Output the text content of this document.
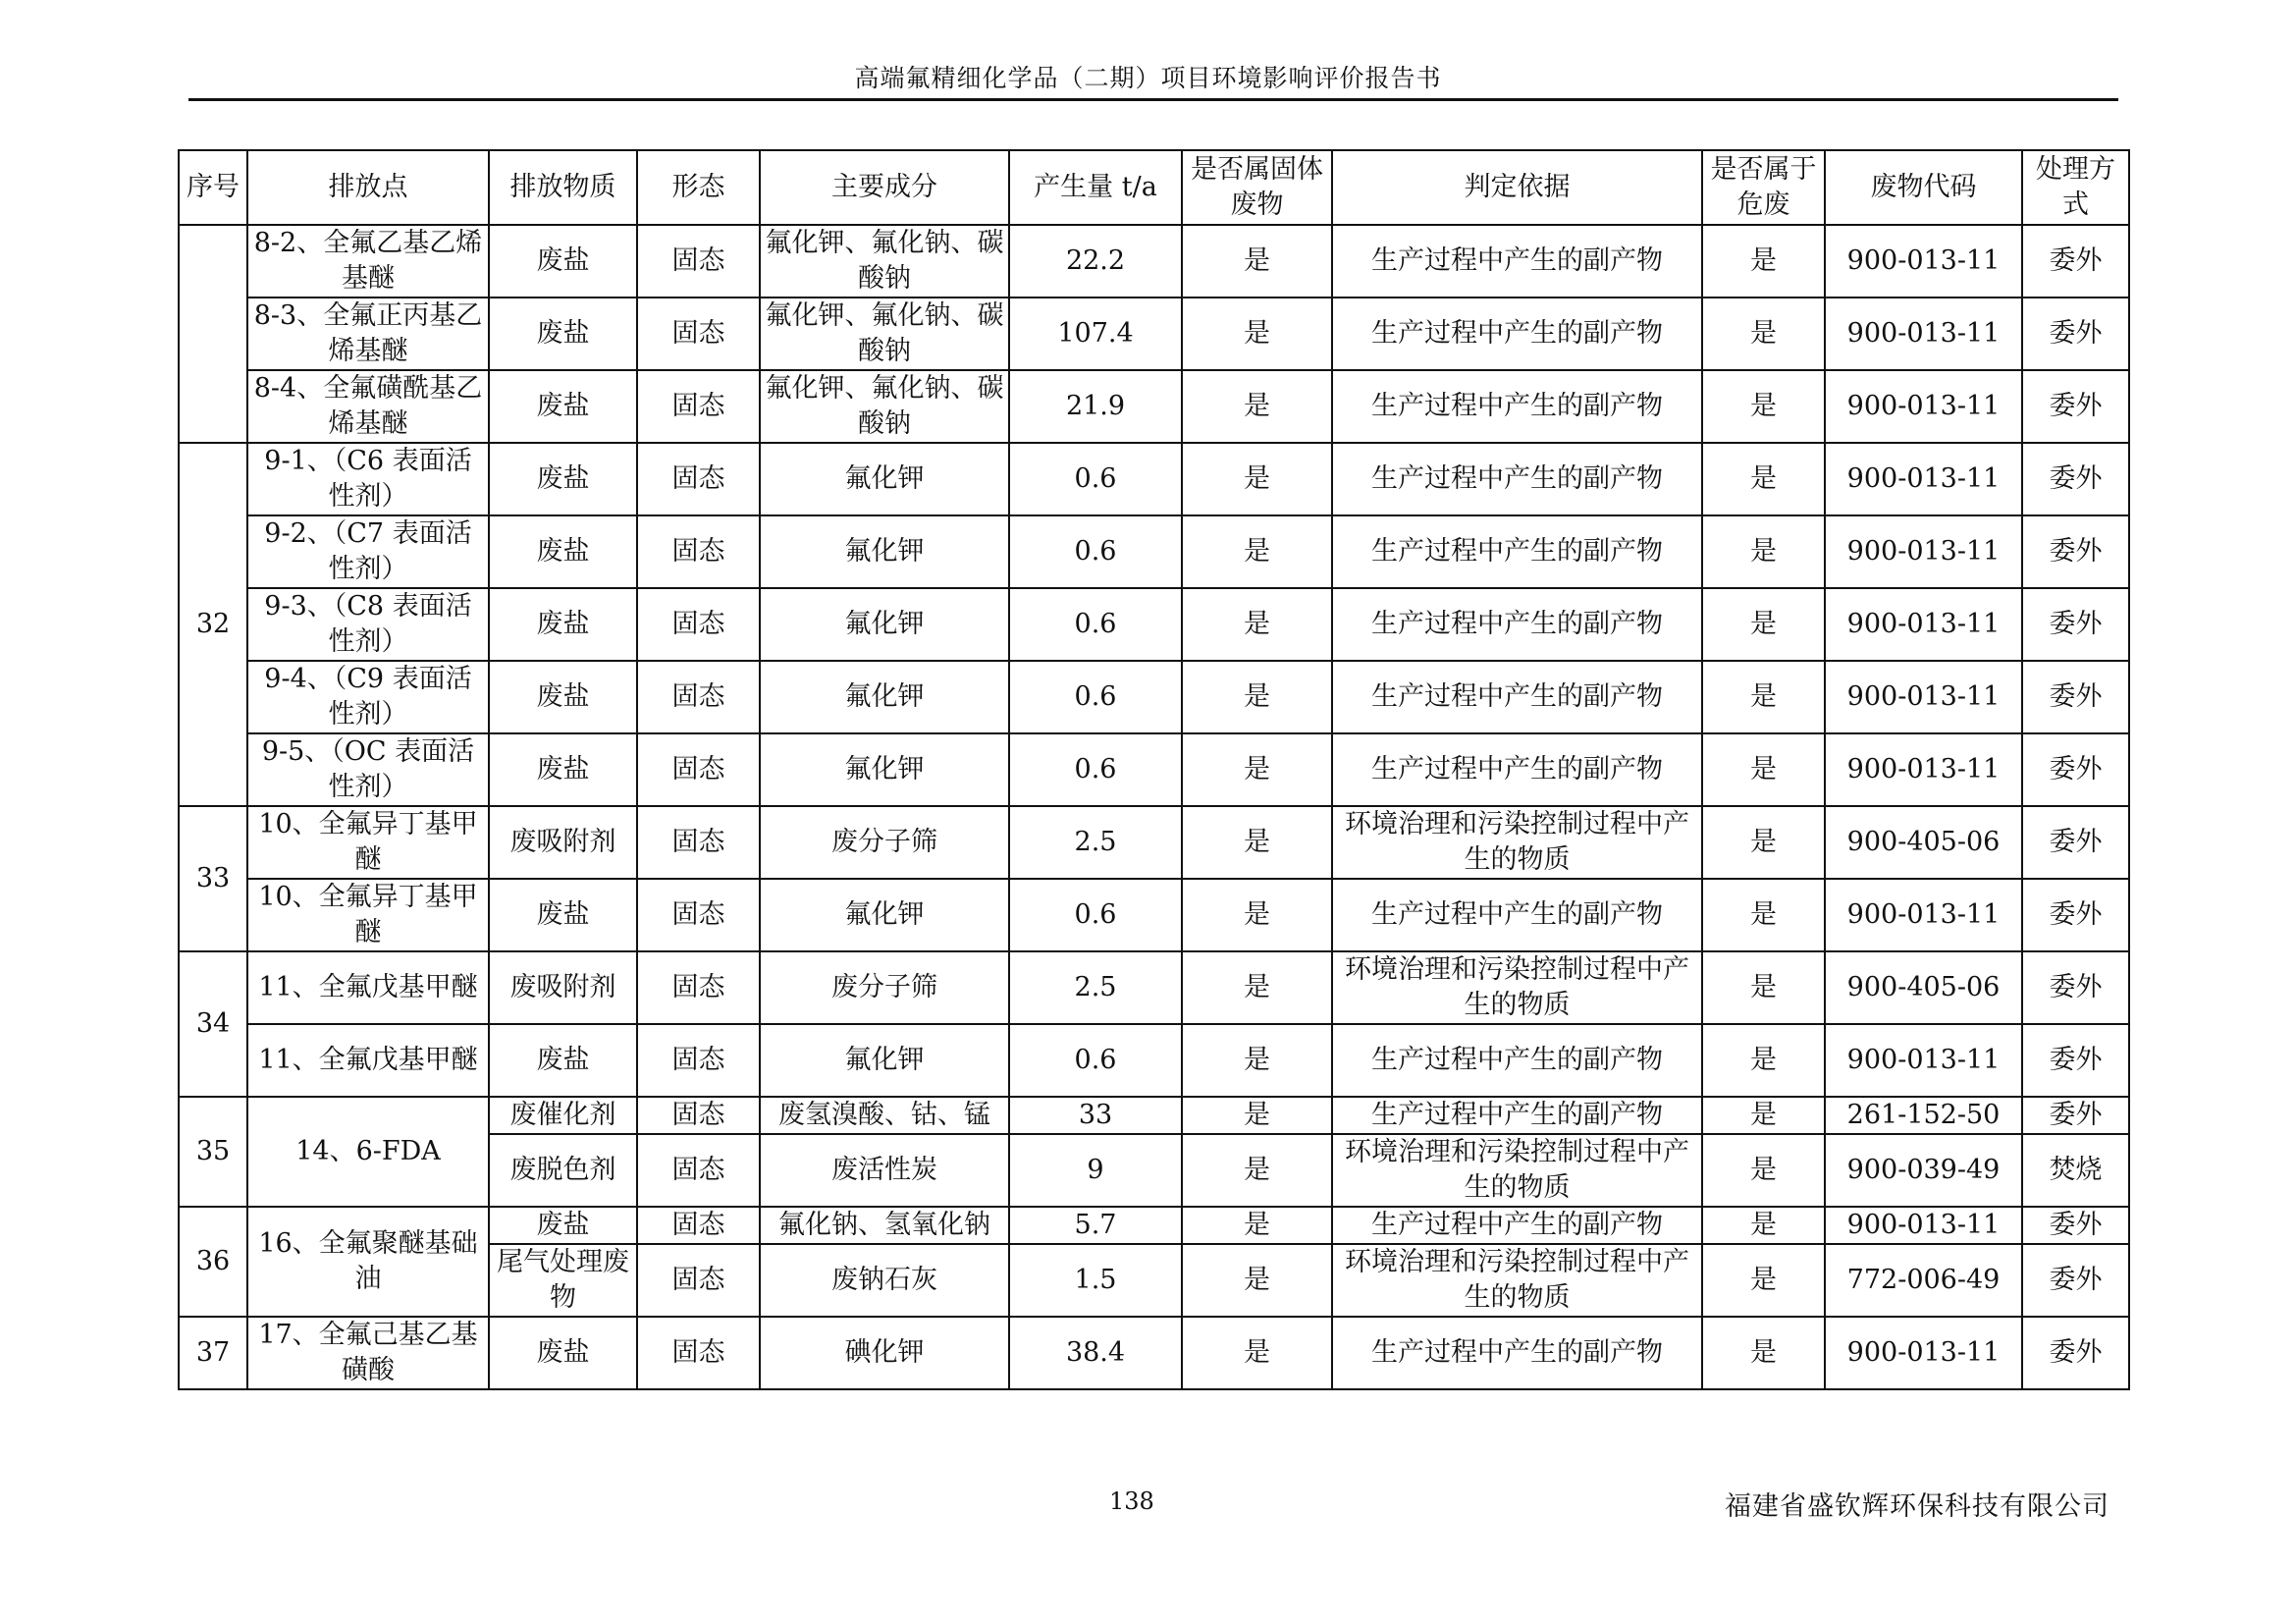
高端氟精细化学品（二期）项目环境影响评价报告书
序号	排放点	排放物质	形态	主要成分	产生量 t/a	是否属固体废物	判定依据	是否属于危废	废物代码	处理方式
	8-2、全氟乙基乙烯基醚	废盐	固态	氟化钾、氟化钠、碳酸钠	22.2	是	生产过程中产生的副产物	是	900-013-11	委外
	8-3、全氟正丙基乙烯基醚	废盐	固态	氟化钾、氟化钠、碳酸钠	107.4	是	生产过程中产生的副产物	是	900-013-11	委外
	8-4、全氟磺酰基乙烯基醚	废盐	固态	氟化钾、氟化钠、碳酸钠	21.9	是	生产过程中产生的副产物	是	900-013-11	委外
32	9-1、（C6 表面活性剂）	废盐	固态	氟化钾	0.6	是	生产过程中产生的副产物	是	900-013-11	委外
	9-2、（C7 表面活性剂）	废盐	固态	氟化钾	0.6	是	生产过程中产生的副产物	是	900-013-11	委外
	9-3、（C8 表面活性剂）	废盐	固态	氟化钾	0.6	是	生产过程中产生的副产物	是	900-013-11	委外
	9-4、（C9 表面活性剂）	废盐	固态	氟化钾	0.6	是	生产过程中产生的副产物	是	900-013-11	委外
	9-5、（OC 表面活性剂）	废盐	固态	氟化钾	0.6	是	生产过程中产生的副产物	是	900-013-11	委外
33	10、全氟异丁基甲醚	废吸附剂	固态	废分子筛	2.5	是	环境治理和污染控制过程中产生的物质	是	900-405-06	委外
	10、全氟异丁基甲醚	废盐	固态	氟化钾	0.6	是	生产过程中产生的副产物	是	900-013-11	委外
34	11、全氟戊基甲醚	废吸附剂	固态	废分子筛	2.5	是	环境治理和污染控制过程中产生的物质	是	900-405-06	委外
	11、全氟戊基甲醚	废盐	固态	氟化钾	0.6	是	生产过程中产生的副产物	是	900-013-11	委外
35	14、6-FDA	废催化剂	固态	废氢溴酸、钴、锰	33	是	生产过程中产生的副产物	是	261-152-50	委外
		废脱色剂	固态	废活性炭	9	是	环境治理和污染控制过程中产生的物质	是	900-039-49	焚烧
36	16、全氟聚醚基础油	废盐	固态	氟化钠、氢氧化钠	5.7	是	生产过程中产生的副产物	是	900-013-11	委外
		尾气处理废物	固态	废钠石灰	1.5	是	环境治理和污染控制过程中产生的物质	是	772-006-49	委外
37	17、全氟己基乙基磺酸	废盐	固态	碘化钾	38.4	是	生产过程中产生的副产物	是	900-013-11	委外
138	福建省盛钦辉环保科技有限公司
